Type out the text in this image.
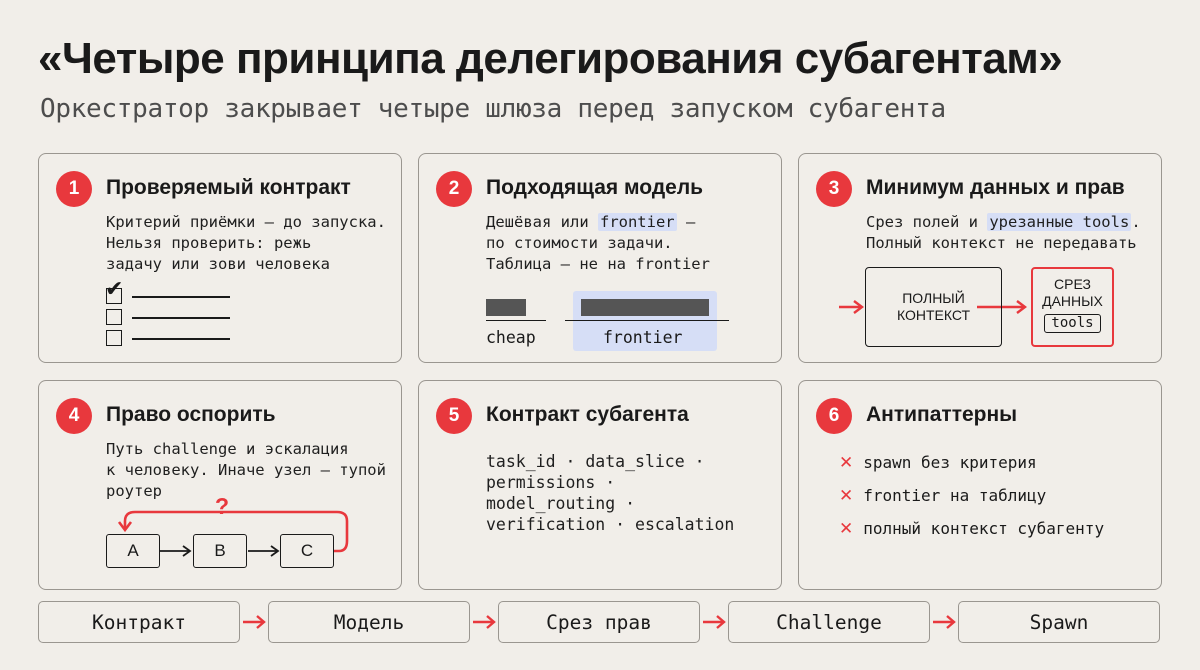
«Четыре принципа делегирования субагентам»
Оркестратор закрывает четыре шлюза перед запуском субагента
1	Проверяемый контракт
Критерий приёмки — до запуска.
Нельзя проверить: режь
задачу или зови человека
✔
2	Подходящая модель
Дешёвая или frontier —
по стоимости задачи.
Таблица — не на frontier
cheap	frontier
3	Минимум данных и прав
Срез полей и урезанные tools .
Полный контекст не передавать
ПОЛНЫЙ
КОНТЕКСТ
СРЕЗ
ДАННЫХ
tools
4	Право оспорить
Путь challenge и эскалация
к человеку. Иначе узел — тупой
роутер
A	B	C
?
5	Контракт субагента
task_id · data_slice ·
permissions ·
model_routing ·
verification · escalation
6	Антипаттерны
✕ spawn без критерия
✕ frontier на таблицу
✕ полный контекст субагенту
Контракт	Модель	Срез прав	Challenge	Spawn
